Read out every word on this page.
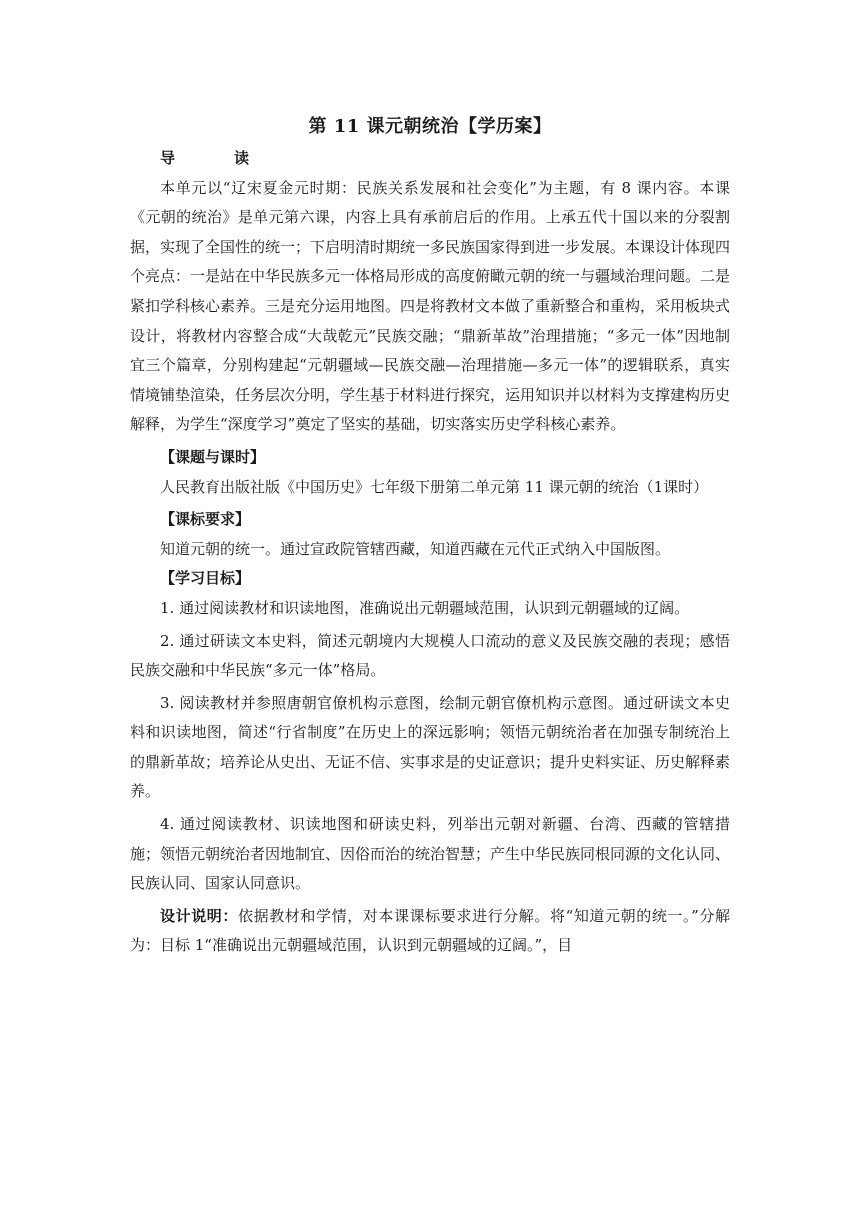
第 11 课元朝统治【学历案】

导　读

本单元以“辽宋夏金元时期：民族关系发展和社会变化”为主题，有 8 课内容。本课《元朝的统治》是单元第六课，内容上具有承前启后的作用。上承五代十国以来的分裂割据，实现了全国性的统一；下启明清时期统一多民族国家得到进一步发展。本课设计体现四个亮点：一是站在中华民族多元一体格局形成的高度俯瞰元朝的统一与疆域治理问题。二是紧扣学科核心素养。三是充分运用地图。四是将教材文本做了重新整合和重构，采用板块式设计，将教材内容整合成“大哉乾元”民族交融；“鼎新革故”治理措施；“多元一体”因地制宜三个篇章，分别构建起“元朝疆域—民族交融—治理措施—多元一体”的逻辑联系，真实情境铺垫渲染，任务层次分明，学生基于材料进行探究，运用知识并以材料为支撑建构历史解释，为学生“深度学习”奠定了坚实的基础，切实落实历史学科核心素养。

【课题与课时】

人民教育出版社版《中国历史》七年级下册第二单元第 11 课元朝的统治（1课时）

【课标要求】

知道元朝的统一。通过宣政院管辖西藏，知道西藏在元代正式纳入中国版图。

【学习目标】

1. 通过阅读教材和识读地图，准确说出元朝疆域范围，认识到元朝疆域的辽阔。

2. 通过研读文本史料，简述元朝境内大规模人口流动的意义及民族交融的表现；感悟民族交融和中华民族“多元一体”格局。

3. 阅读教材并参照唐朝官僚机构示意图，绘制元朝官僚机构示意图。通过研读文本史料和识读地图，简述“行省制度”在历史上的深远影响；领悟元朝统治者在加强专制统治上的鼎新革故；培养论从史出、无证不信、实事求是的史证意识；提升史料实证、历史解释素养。

4. 通过阅读教材、识读地图和研读史料，列举出元朝对新疆、台湾、西藏的管辖措施；领悟元朝统治者因地制宜、因俗而治的统治智慧；产生中华民族同根同源的文化认同、民族认同、国家认同意识。

设计说明：依据教材和学情，对本课课标要求进行分解。将“知道元朝的统一。”分解为：目标 1“准确说出元朝疆域范围，认识到元朝疆域的辽阔。”，目
